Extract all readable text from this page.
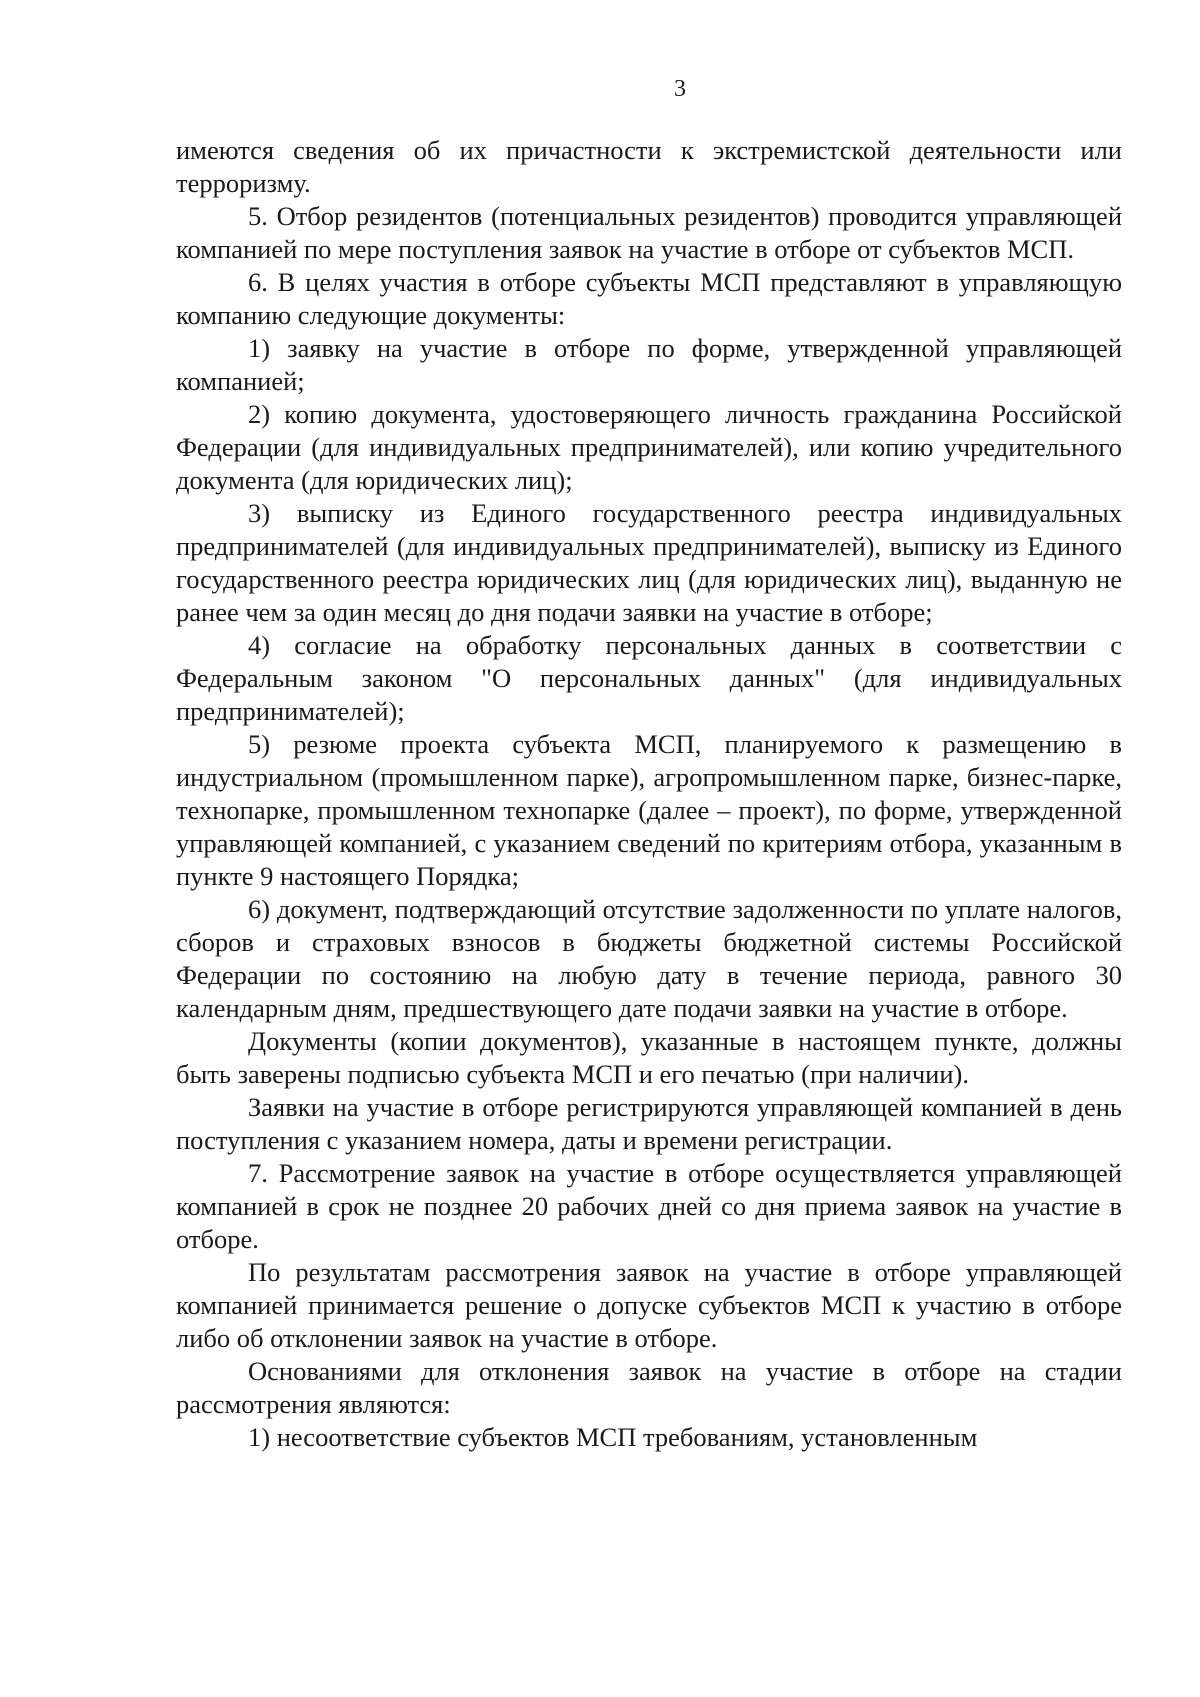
3

имеются сведения об их причастности к экстремистской деятельности или терроризму.

5. Отбор резидентов (потенциальных резидентов) проводится управляющей компанией по мере поступления заявок на участие в отборе от субъектов МСП.

6. В целях участия в отборе субъекты МСП представляют в управляющую компанию следующие документы:

1) заявку на участие в отборе по форме, утвержденной управляющей компанией;

2) копию документа, удостоверяющего личность гражданина Российской Федерации (для индивидуальных предпринимателей), или копию учредительного документа (для юридических лиц);

3) выписку из Единого государственного реестра индивидуальных предпринимателей (для индивидуальных предпринимателей), выписку из Единого государственного реестра юридических лиц (для юридических лиц), выданную не ранее чем за один месяц до дня подачи заявки на участие в отборе;

4) согласие на обработку персональных данных в соответствии с Федеральным законом "О персональных данных" (для индивидуальных предпринимателей);

5) резюме проекта субъекта МСП, планируемого к размещению в индустриальном (промышленном парке), агропромышленном парке, бизнес-парке, технопарке, промышленном технопарке (далее – проект), по форме, утвержденной управляющей компанией, с указанием сведений по критериям отбора, указанным в пункте 9 настоящего Порядка;

6) документ, подтверждающий отсутствие задолженности по уплате налогов, сборов и страховых взносов в бюджеты бюджетной системы Российской Федерации по состоянию на любую дату в течение периода, равного 30 календарным дням, предшествующего дате подачи заявки на участие в отборе.

Документы (копии документов), указанные в настоящем пункте, должны быть заверены подписью субъекта МСП и его печатью (при наличии).

Заявки на участие в отборе регистрируются управляющей компанией в день поступления с указанием номера, даты и времени регистрации.

7. Рассмотрение заявок на участие в отборе осуществляется управляющей компанией в срок не позднее 20 рабочих дней со дня приема заявок на участие в отборе.

По результатам рассмотрения заявок на участие в отборе управляющей компанией принимается решение о допуске субъектов МСП к участию в отборе либо об отклонении заявок на участие в отборе.

Основаниями для отклонения заявок на участие в отборе на стадии рассмотрения являются:

1) несоответствие субъектов МСП требованиям, установленным
